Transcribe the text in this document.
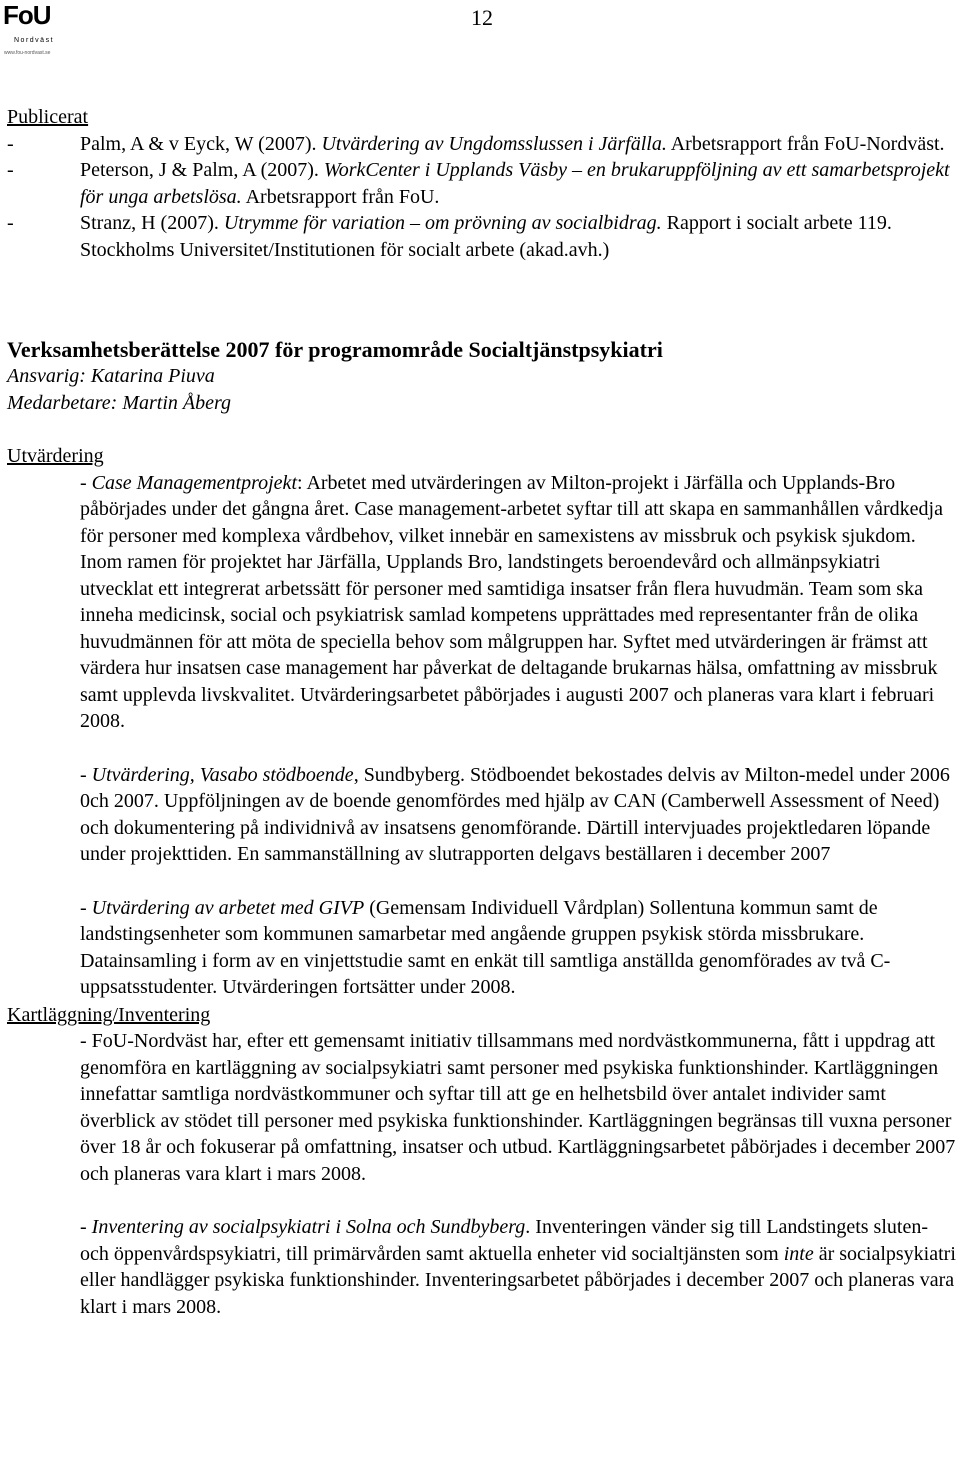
FoU
Nordväst
www.fou-nordvast.se
12
Publicerat
-	Palm, A & v Eyck, W (2007). Utvärdering av Ungdomsslussen i Järfälla. Arbetsrapport från FoU-Nordväst.
-	Peterson, J & Palm, A (2007). WorkCenter i Upplands Väsby – en brukaruppföljning av ett samarbetsprojekt för unga arbetslösa. Arbetsrapport från FoU.
-	Stranz, H (2007). Utrymme för variation – om prövning av socialbidrag. Rapport i socialt arbete 119. Stockholms Universitet/Institutionen för socialt arbete (akad.avh.)
Verksamhetsberättelse 2007 för programområde Socialtjänstpsykiatri
Ansvarig: Katarina Piuva
Medarbetare: Martin Åberg
Utvärdering

- Case Managementprojekt: Arbetet med utvärderingen av Milton-projekt i Järfälla och Upplands-Bro påbörjades under det gångna året. Case management-arbetet syftar till att skapa en sammanhållen vårdkedja för personer med komplexa vårdbehov, vilket innebär en samexistens av missbruk och psykisk sjukdom. Inom ramen för projektet har Järfälla, Upplands Bro, landstingets beroendevård och allmänpsykiatri utvecklat ett integrerat arbetssätt för personer med samtidiga insatser från flera huvudmän. Team som ska inneha medicinsk, social och psykiatrisk samlad kompetens upprättades med representanter från de olika huvudmännen för att möta de speciella behov som målgruppen har. Syftet med utvärderingen är främst att värdera hur insatsen case management har påverkat de deltagande brukarnas hälsa, omfattning av missbruk samt upplevda livskvalitet. Utvärderingsarbetet påbörjades i augusti 2007 och planeras vara klart i februari 2008.

- Utvärdering, Vasabo stödboende, Sundbyberg. Stödboendet bekostades delvis av Milton-medel under 2006 0ch 2007. Uppföljningen av de boende genomfördes med hjälp av CAN (Camberwell Assessment of Need) och dokumentering på individnivå av insatsens genomförande. Därtill intervjuades projektledaren löpande under projekttiden. En sammanställning av slutrapporten delgavs beställaren i december 2007

- Utvärdering av arbetet med GIVP (Gemensam Individuell Vårdplan) Sollentuna kommun samt de landstingsenheter som kommunen samarbetar med angående gruppen psykisk störda missbrukare. Datainsamling i form av en vinjettstudie samt en enkät till samtliga anställda genomförades av två C-uppsatsstudenter. Utvärderingen fortsätter under 2008.

Kartläggning/Inventering

- FoU-Nordväst har, efter ett gemensamt initiativ tillsammans med nordvästkommunerna, fått i uppdrag att genomföra en kartläggning av socialpsykiatri samt personer med psykiska funktionshinder. Kartläggningen innefattar samtliga nordvästkommuner och syftar till att ge en helhetsbild över antalet individer samt överblick av stödet till personer med psykiska funktionshinder. Kartläggningen begränsas till vuxna personer över 18 år och fokuserar på omfattning, insatser och utbud. Kartläggningsarbetet påbörjades i december 2007 och planeras vara klart i mars 2008.

- Inventering av socialpsykiatri i Solna och Sundbyberg. Inventeringen vänder sig till Landstingets sluten- och öppenvårdspsykiatri, till primärvården samt aktuella enheter vid socialtjänsten som inte är socialpsykiatri eller handlägger psykiska funktionshinder. Inventeringsarbetet påbörjades i december 2007 och planeras vara klart i mars 2008.
